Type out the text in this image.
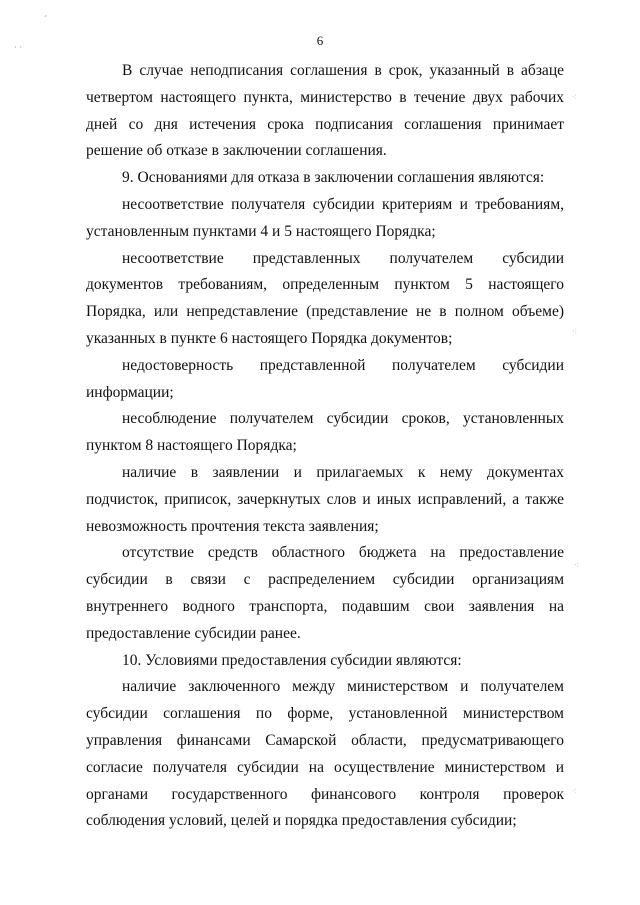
ˊ
· ·
⁖
⁖
⁖
⁖
6

В случае неподписания соглашения в срок, указанный в абзаце четвертом настоящего пункта, министерство в течение двух рабочих дней со дня истечения срока подписания соглашения принимает решение об отказе в заключении соглашения.

9. Основаниями для отказа в заключении соглашения являются:

несоответствие получателя субсидии критериям и требованиям, установленным пунктами 4 и 5 настоящего Порядка;

несоответствие представленных получателем субсидии документов требованиям, определенным пунктом 5 настоящего Порядка, или непредставление (представление не в полном объеме) указанных в пункте 6 настоящего Порядка документов;

недостоверность представленной получателем субсидии информации;

несоблюдение получателем субсидии сроков, установленных пунктом 8 настоящего Порядка;

наличие в заявлении и прилагаемых к нему документах подчисток, приписок, зачеркнутых слов и иных исправлений, а также невозможность прочтения текста заявления;

отсутствие средств областного бюджета на предоставление субсидии в связи с распределением субсидии организациям внутреннего водного транспорта, подавшим свои заявления на предоставление субсидии ранее.

10. Условиями предоставления субсидии являются:

наличие заключенного между министерством и получателем субсидии соглашения по форме, установленной министерством управления финансами Самарской области, предусматривающего согласие получателя субсидии на осуществление министерством и органами государственного финансового контроля проверок соблюдения условий, целей и порядка предоставления субсидии;
